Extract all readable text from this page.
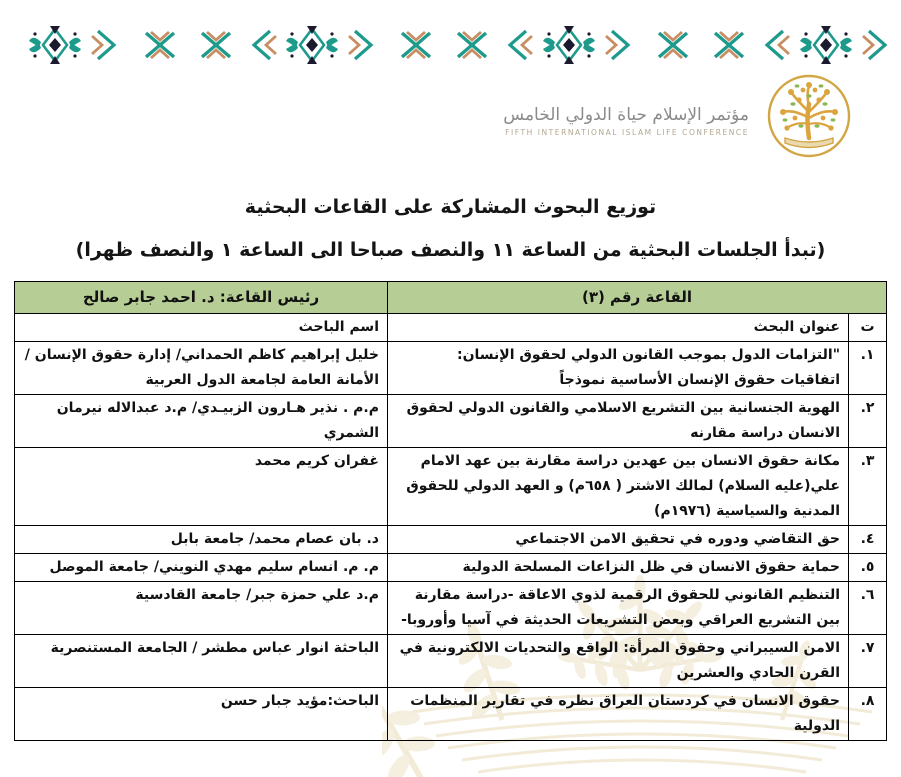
مؤتمر الإسلام حياة الدولي الخامس
FIFTH INTERNATIONAL ISLAM LIFE CONFERENCE
توزيع البحوث المشاركة على القاعات البحثية
(تبدأ الجلسات البحثية من الساعة ١١ والنصف صباحا الى الساعة ١ والنصف ظهرا)
القاعة رقم (٣)		رئيس القاعة: د. احمد جابر صالح
ت	عنوان البحث	اسم الباحث
١.	"التزامات الدول بموجب القانون الدولي لحقوق الإنسان: اتفاقيات حقوق الإنسان الأساسية نموذجاً	خليل إبراهيم كاظم الحمداني/ إدارة حقوق الإنسان / الأمانة العامة لجامعة الدول العربية
٢.	الهوية الجنسانية بين التشريع الاسلامي والقانون الدولي لحقوق الانسان دراسة مقارنه	م.م . نذير هـارون الزبيـدي/ م.د عبدالاله نيرمان الشمري
٣.	مكانة حقوق الانسان بين عهدين دراسة مقارنة بين عهد الامام علي(عليه السلام) لمالك الاشتر ( ٦٥٨م) و العهد الدولي للحقوق المدنية والسياسية (١٩٧٦م)	غفران كريم محمد
٤.	حق التقاضي ودوره في تحقيق الامن الاجتماعي	د. بان عصام محمد/ جامعة بابل
٥.	حماية حقوق الانسان في ظل النزاعات المسلحة الدولية	م. م. انسام سليم مهدي النويني/ جامعة الموصل
٦.	التنظيم القانوني للحقوق الرقمية لذوي الاعاقة -دراسة مقارنة بين التشريع العراقي وبعض التشريعات الحديثة في آسيا وأوروبا-	م.د علي حمزة جبر/ جامعة القادسية
٧.	الامن السيبراني وحقوق المرأة: الواقع والتحديات الالكترونية في القرن الحادي والعشرين	الباحثة انوار عباس مطشر / الجامعة المستنصرية
٨.	حقوق الانسان في كردستان العراق نظره في تقارير المنظمات الدولية	الباحث:مؤيد جبار حسن
